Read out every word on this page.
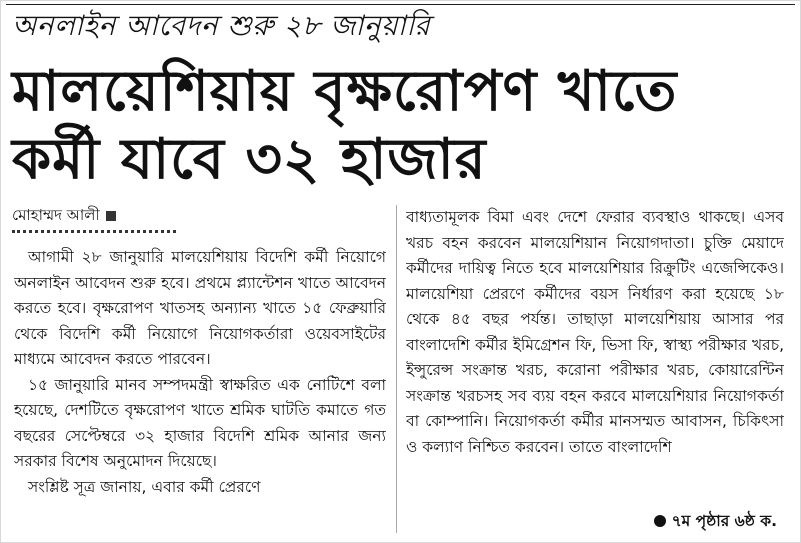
অনলাইন আবেদন শুরু ২৮ জানুয়ারি
মালয়েশিয়ায় বৃক্ষরোপণ খাতে
কর্মী যাবে ৩২ হাজার
মোহাম্মদ আলী

আগামী ২৮ জানুয়ারি মালয়েশিয়ায় বিদেশি কর্মী নিয়োগে অনলাইন আবেদন শুরু হবে। প্রথমে প্ল্যান্টেশন খাতে আবেদন করতে হবে। বৃক্ষরোপণ খাতসহ অন্যান্য খাতে ১৫ ফেব্রুয়ারি থেকে বিদেশি কর্মী নিয়োগে নিয়োগকর্তারা ওয়েবসাইটের মাধ্যমে আবেদন করতে পারবেন।

১৫ জানুয়ারি মানব সম্পদমন্ত্রী স্বাক্ষরিত এক নোটিশে বলা হয়েছে, দেশটিতে বৃক্ষরোপণ খাতে শ্রমিক ঘাটতি কমাতে গত বছরের সেপ্টেম্বরে ৩২ হাজার বিদেশি শ্রমিক আনার জন্য সরকার বিশেষ অনুমোদন দিয়েছে।

সংশ্লিষ্ট সূত্র জানায়, এবার কর্মী প্রেরণে

বাধ্যতামূলক বিমা এবং দেশে ফেরার ব্যবস্থাও থাকছে। এসব খরচ বহন করবেন মালয়েশিয়ান নিয়োগদাতা। চুক্তি মেয়াদে কর্মীদের দায়িত্ব নিতে হবে মালয়েশিয়ার রিক্রুটিং এজেন্সিকেও। মালয়েশিয়া প্রেরণে কর্মীদের বয়স নির্ধারণ করা হয়েছে ১৮ থেকে ৪৫ বছর পর্যন্ত। তাছাড়া মালয়েশিয়ায় আসার পর বাংলাদেশি কর্মীর ইমিগ্রেশন ফি, ভিসা ফি, স্বাস্থ্য পরীক্ষার খরচ, ইন্সুরেন্স সংক্রান্ত খরচ, করোনা পরীক্ষার খরচ, কোয়ারেন্টিন সংক্রান্ত খরচসহ সব ব্যয় বহন করবে মালয়েশিয়ার নিয়োগকর্তা বা কোম্পানি। নিয়োগকর্তা কর্মীর মানসম্মত আবাসন, চিকিৎসা ও কল্যাণ নিশ্চিত করবেন। তাতে বাংলাদেশি

৭ম পৃষ্ঠার ৬ষ্ঠ ক.
